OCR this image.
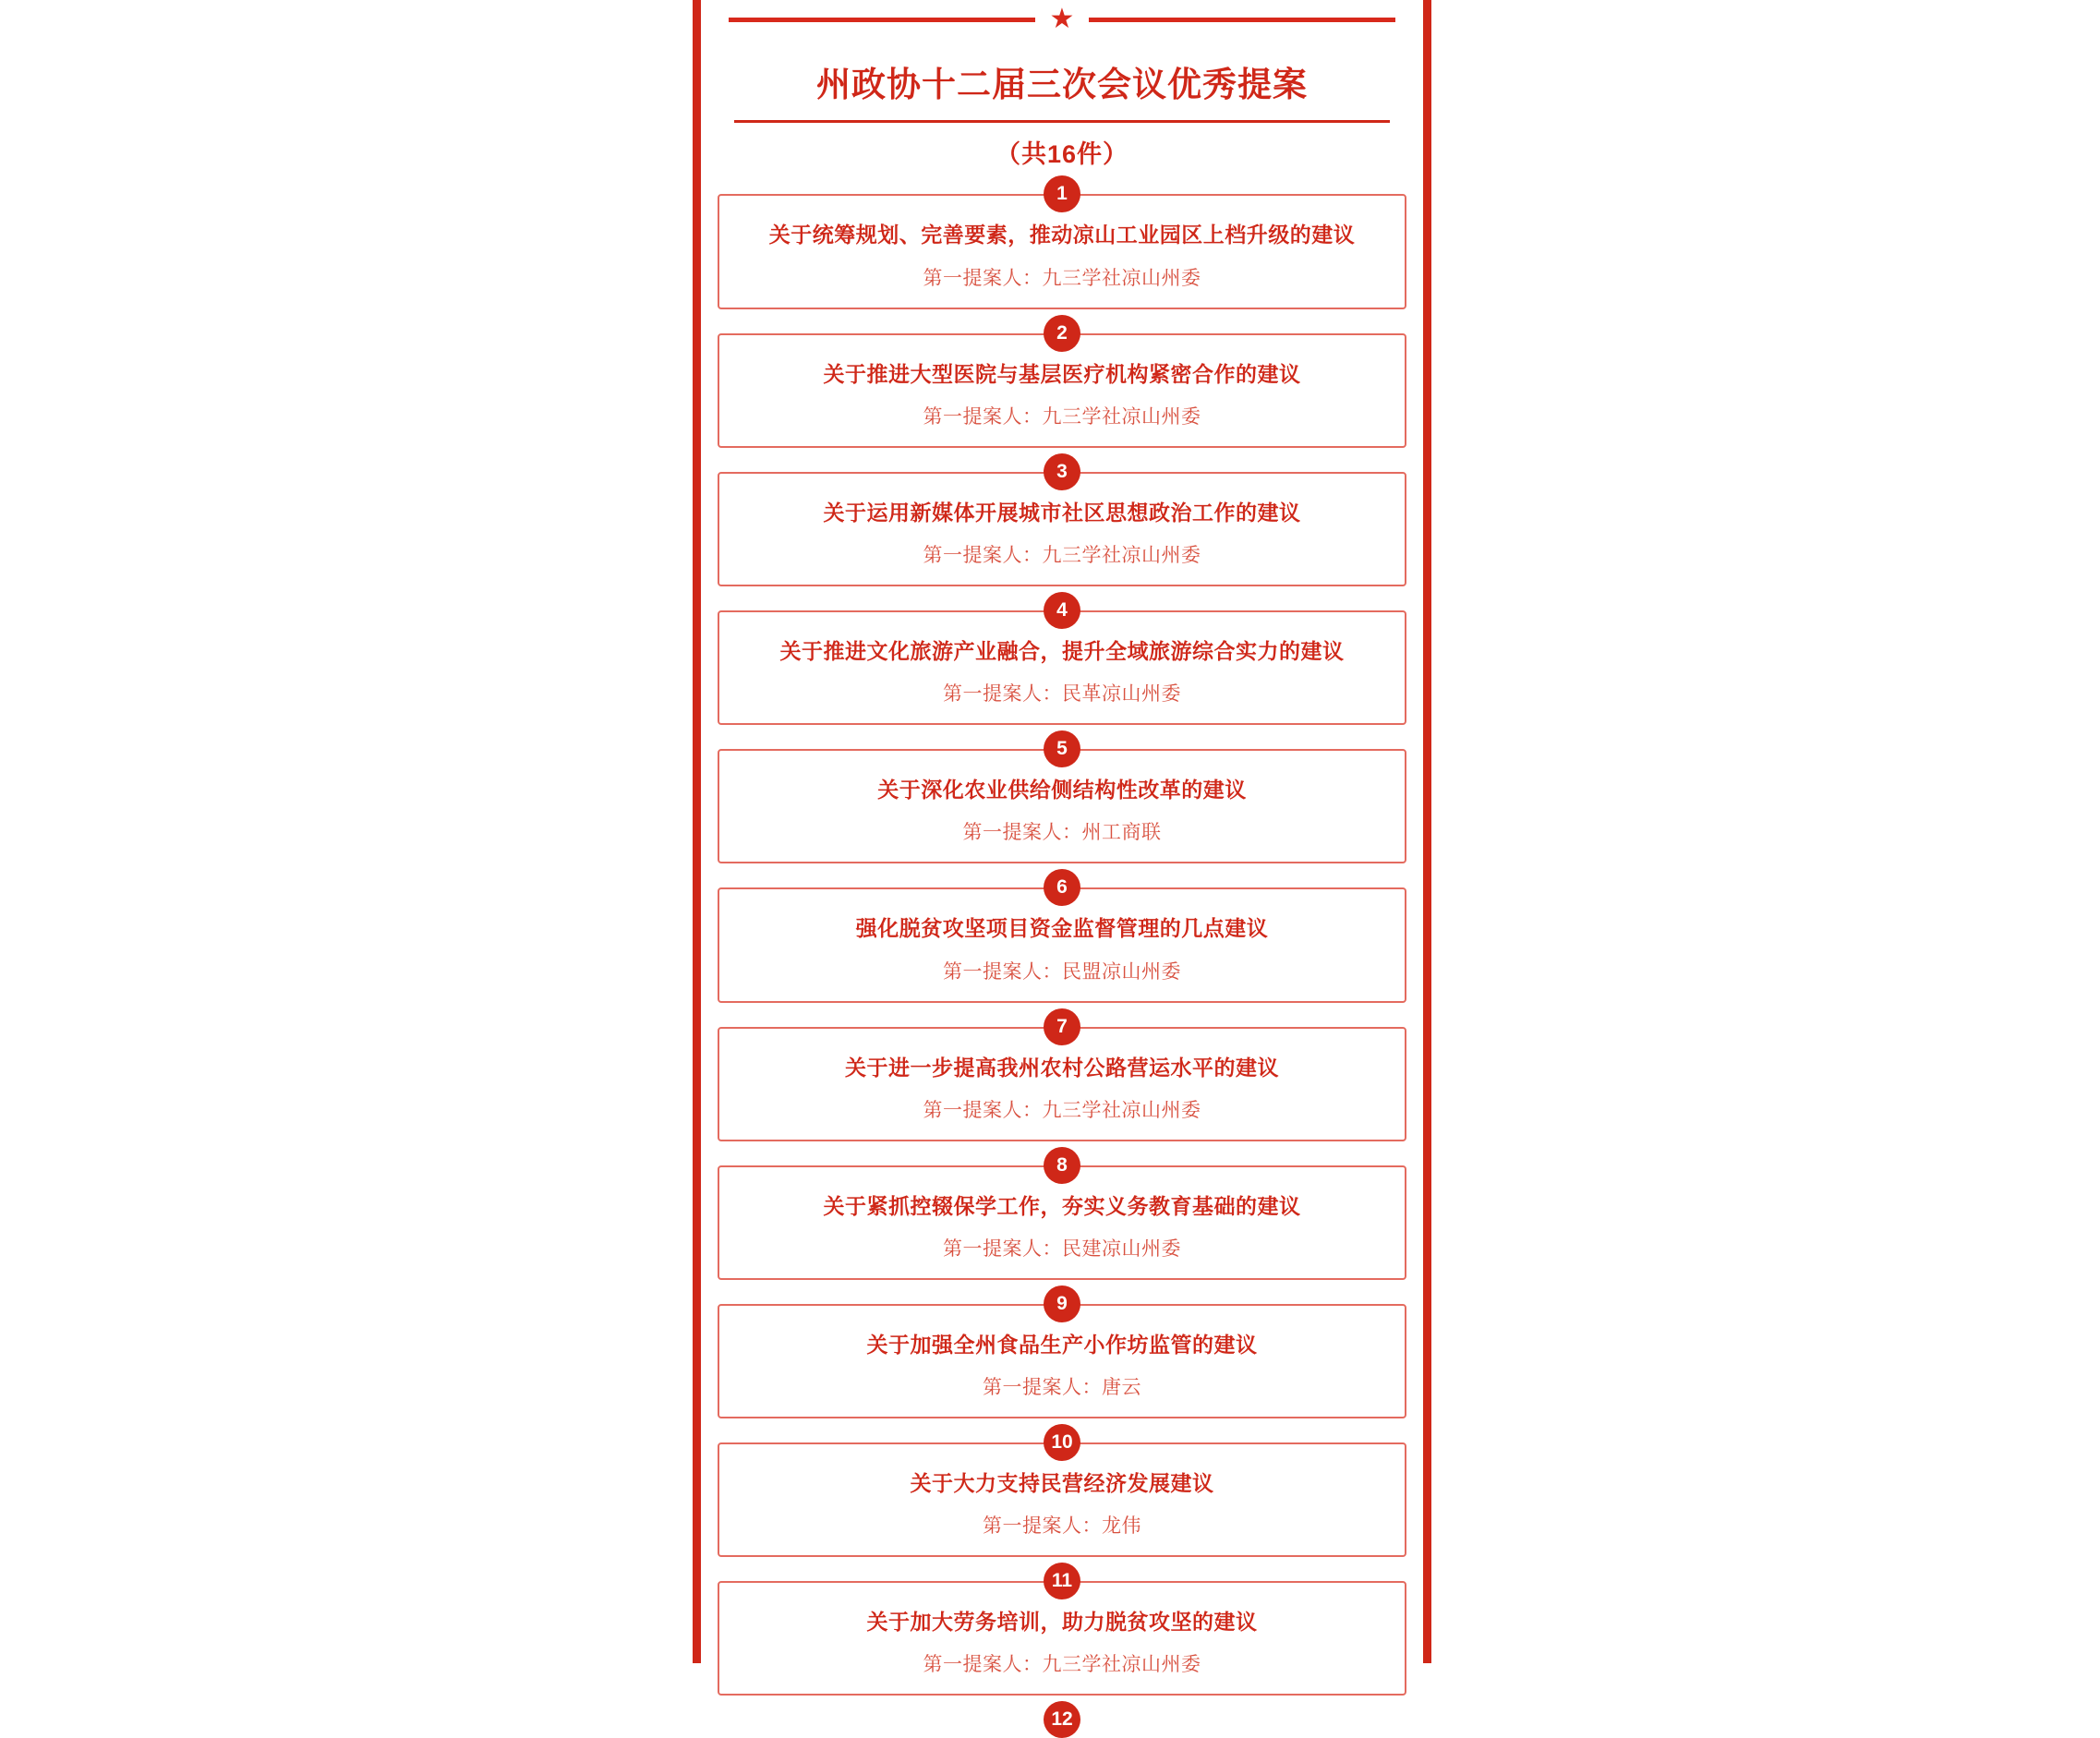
★
州政协十二届三次会议优秀提案
（共16件）
1
关于统筹规划、完善要素，推动凉山工业园区上档升级的建议
第一提案人：九三学社凉山州委
2
关于推进大型医院与基层医疗机构紧密合作的建议
第一提案人：九三学社凉山州委
3
关于运用新媒体开展城市社区思想政治工作的建议
第一提案人：九三学社凉山州委
4
关于推进文化旅游产业融合，提升全域旅游综合实力的建议
第一提案人：民革凉山州委
5
关于深化农业供给侧结构性改革的建议
第一提案人：州工商联
6
强化脱贫攻坚项目资金监督管理的几点建议
第一提案人：民盟凉山州委
7
关于进一步提高我州农村公路营运水平的建议
第一提案人：九三学社凉山州委
8
关于紧抓控辍保学工作，夯实义务教育基础的建议
第一提案人：民建凉山州委
9
关于加强全州食品生产小作坊监管的建议
第一提案人：唐云
10
关于大力支持民营经济发展建议
第一提案人：龙伟
11
关于加大劳务培训，助力脱贫攻坚的建议
第一提案人：九三学社凉山州委
12
